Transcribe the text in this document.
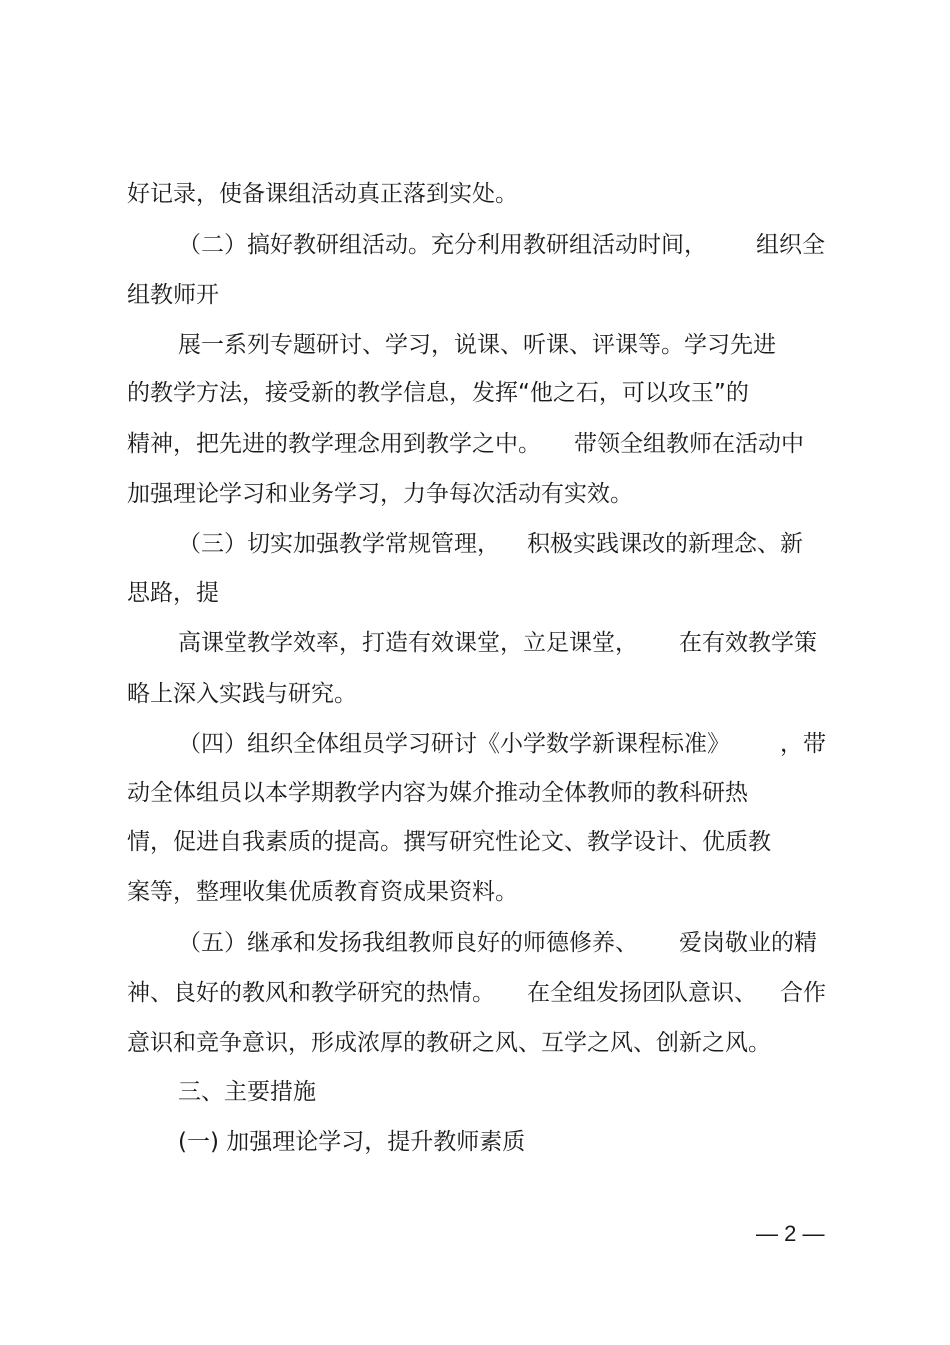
好记录，使备课组活动真正落到实处。
（二）搞好教研组活动。充分利用教研组活动时间， 组织全
组教师开
展一系列专题研讨、学习，说课、听课、评课等。学习先进
的教学方法，接受新的教学信息，发挥“他之石，可以攻玉”的
精神，把先进的教学理念用到教学之中。 带领全组教师在活动中
加强理论学习和业务学习，力争每次活动有实效。
（三）切实加强教学常规管理， 积极实践课改的新理念、新
思路，提
高课堂教学效率，打造有效课堂，立足课堂， 在有效教学策
略上深入实践与研究。
（四）组织全体组员学习研讨《小学数学新课程标准》 ，带
动全体组员以本学期教学内容为媒介推动全体教师的教科研热
情，促进自我素质的提高。撰写研究性论文、教学设计、优质教
案等，整理收集优质教育资成果资料。
（五）继承和发扬我组教师良好的师德修养、 爱岗敬业的精
神、良好的教风和教学研究的热情。 在全组发扬团队意识、 合作
意识和竞争意识，形成浓厚的教研之风、互学之风、创新之风。
三、主要措施
(一) 加强理论学习，提升教师素质
— 2 —
